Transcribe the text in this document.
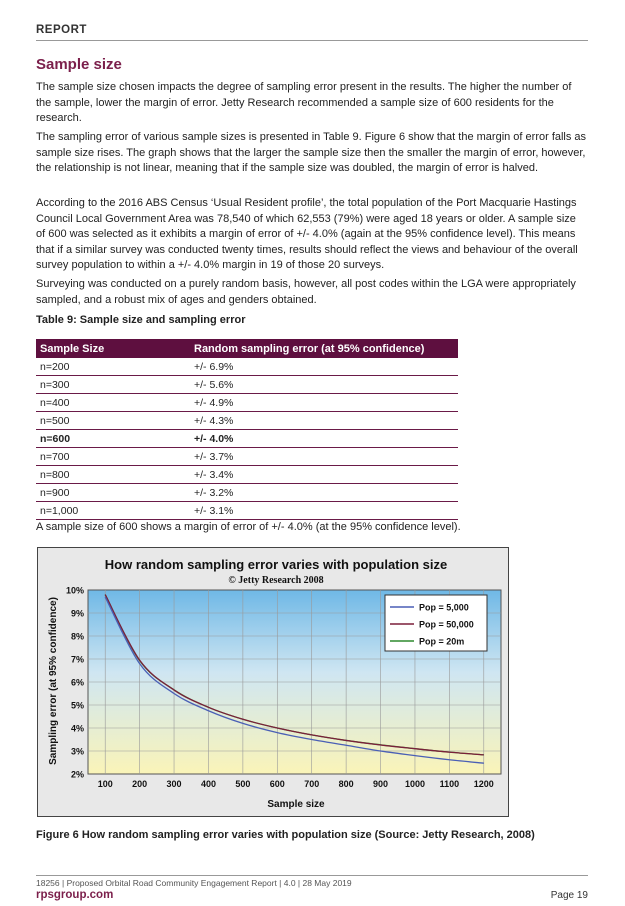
REPORT
Sample size

The sample size chosen impacts the degree of sampling error present in the results. The higher the number of the sample, lower the margin of error. Jetty Research recommended a sample size of 600 residents for the research.

The sampling error of various sample sizes is presented in Table 9. Figure 6 show that the margin of error falls as sample size rises. The graph shows that the larger the sample size then the smaller the margin of error, however, the relationship is not linear, meaning that if the sample size was doubled, the margin of error is halved.

According to the 2016 ABS Census ‘Usual Resident profile’, the total population of the Port Macquarie Hastings Council Local Government Area was 78,540 of which 62,553 (79%) were aged 18 years or older. A sample size of 600 was selected as it exhibits a margin of error of +/- 4.0% (again at the 95% confidence level). This means that if a similar survey was conducted twenty times, results should reflect the views and behaviour of the overall survey population to within a +/- 4.0% margin in 19 of those 20 surveys.

Surveying was conducted on a purely random basis, however, all post codes within the LGA were appropriately sampled, and a robust mix of ages and genders obtained.

Table 9: Sample size and sampling error
Sample Size	Random sampling error (at 95% confidence)
n=200	+/- 6.9%
n=300	+/- 5.6%
n=400	+/- 4.9%
n=500	+/- 4.3%
n=600	+/- 4.0%
n=700	+/- 3.7%
n=800	+/- 3.4%
n=900	+/- 3.2%
n=1,000	+/- 3.1%

A sample size of 600 shows a margin of error of +/- 4.0% (at the 95% confidence level).

2%
3%
4%
5%
6%
7%
8%
9%
10%
100 200 300 400 500 600 700 800 900 1000 1100 1200
How random sampling error varies with population size
© Jetty Research 2008
Sample size
Sampling error (at 95% confidence)	Pop = 5,000
Pop = 50,000
Pop = 20m
Figure 6 How random sampling error varies with population size (Source: Jetty Research, 2008)
18256 | Proposed Orbital Road Community Engagement Report | 4.0 | 28 May 2019
rpsgroup.com	Page 19
